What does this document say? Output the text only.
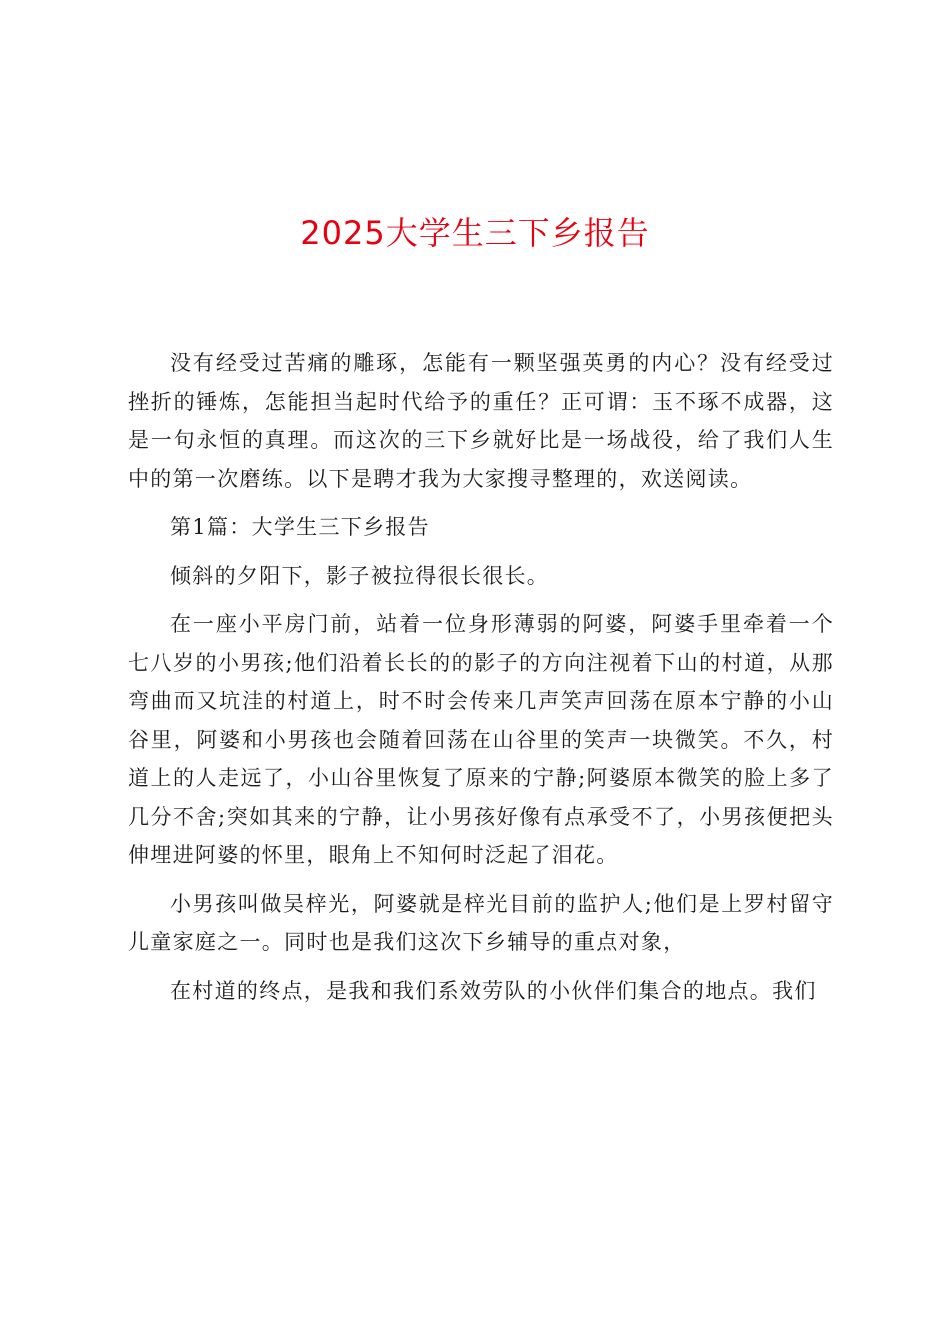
2025大学生三下乡报告

没有经受过苦痛的雕琢，怎能有一颗坚强英勇的内心？没有经受过挫折的锤炼，怎能担当起时代给予的重任？正可谓：玉不琢不成器，这是一句永恒的真理。而这次的三下乡就好比是一场战役，给了我们人生中的第一次磨练。以下是聘才我为大家搜寻整理的，欢送阅读。

第1篇：大学生三下乡报告

倾斜的夕阳下，影子被拉得很长很长。

在一座小平房门前，站着一位身形薄弱的阿婆，阿婆手里牵着一个七八岁的小男孩;他们沿着长长的的影子的方向注视着下山的村道，从那弯曲而又坑洼的村道上，时不时会传来几声笑声回荡在原本宁静的小山谷里，阿婆和小男孩也会随着回荡在山谷里的笑声一块微笑。不久，村道上的人走远了，小山谷里恢复了原来的宁静;阿婆原本微笑的脸上多了几分不舍;突如其来的宁静，让小男孩好像有点承受不了，小男孩便把头伸埋进阿婆的怀里，眼角上不知何时泛起了泪花。

小男孩叫做吴梓光，阿婆就是梓光目前的监护人;他们是上罗村留守儿童家庭之一。同时也是我们这次下乡辅导的重点对象，

在村道的终点，是我和我们系效劳队的小伙伴们集合的地点。我们
